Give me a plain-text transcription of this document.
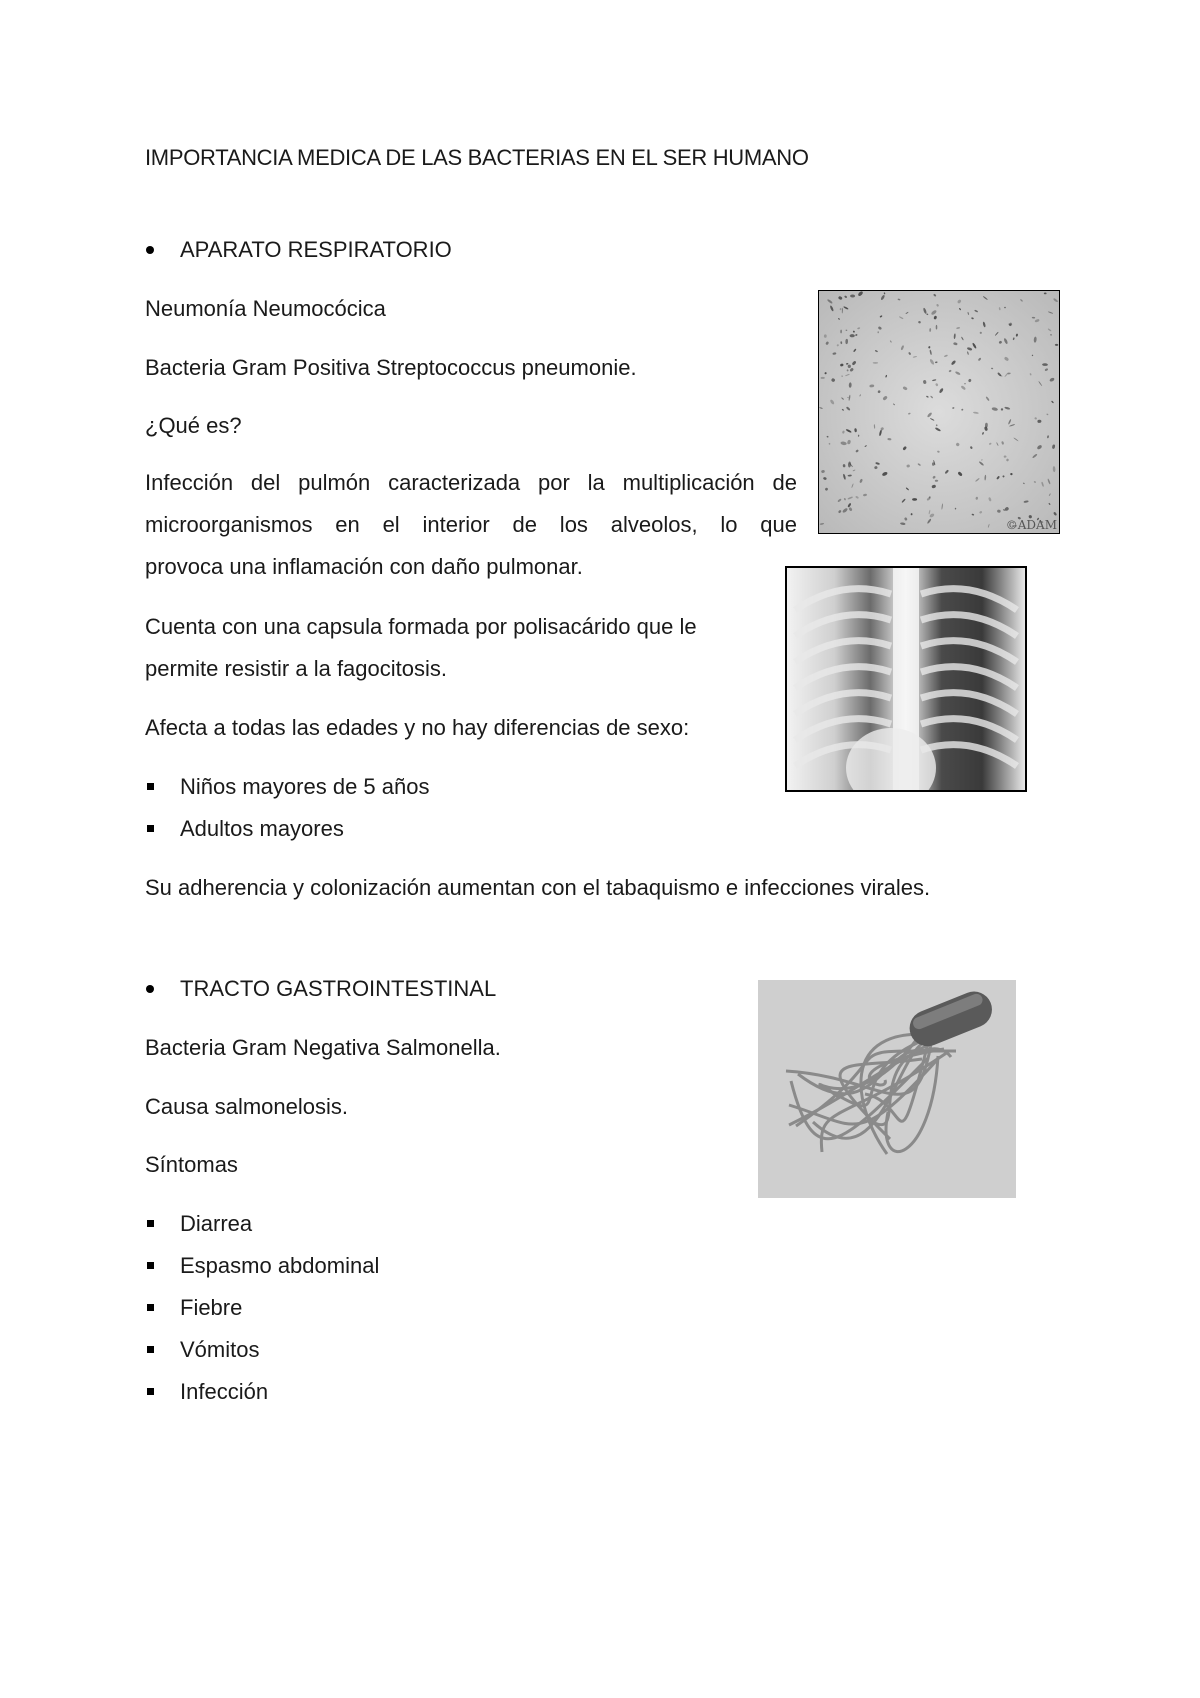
IMPORTANCIA MEDICA DE LAS BACTERIAS EN EL SER HUMANO

APARATO RESPIRATORIO

Neumonía Neumocócica

Bacteria Gram Positiva Streptococcus pneumonie.

¿Qué es?

Infección del pulmón caracterizada por la multiplicación de
microorganismos en el interior de los alveolos, lo que
provoca una inflamación con daño pulmonar.
Cuenta con una capsula formada por polisacárido que le
permite resistir a la fagocitosis.

Afecta a todas las edades y no hay diferencias de sexo:

Niños mayores de 5 años

Adultos mayores

Su adherencia y colonización aumentan con el tabaquismo e infecciones virales.

©ADAM

TRACTO GASTROINTESTINAL

Bacteria Gram Negativa Salmonella.

Causa salmonelosis.

Síntomas

Diarrea

Espasmo abdominal

Fiebre

Vómitos

Infección
